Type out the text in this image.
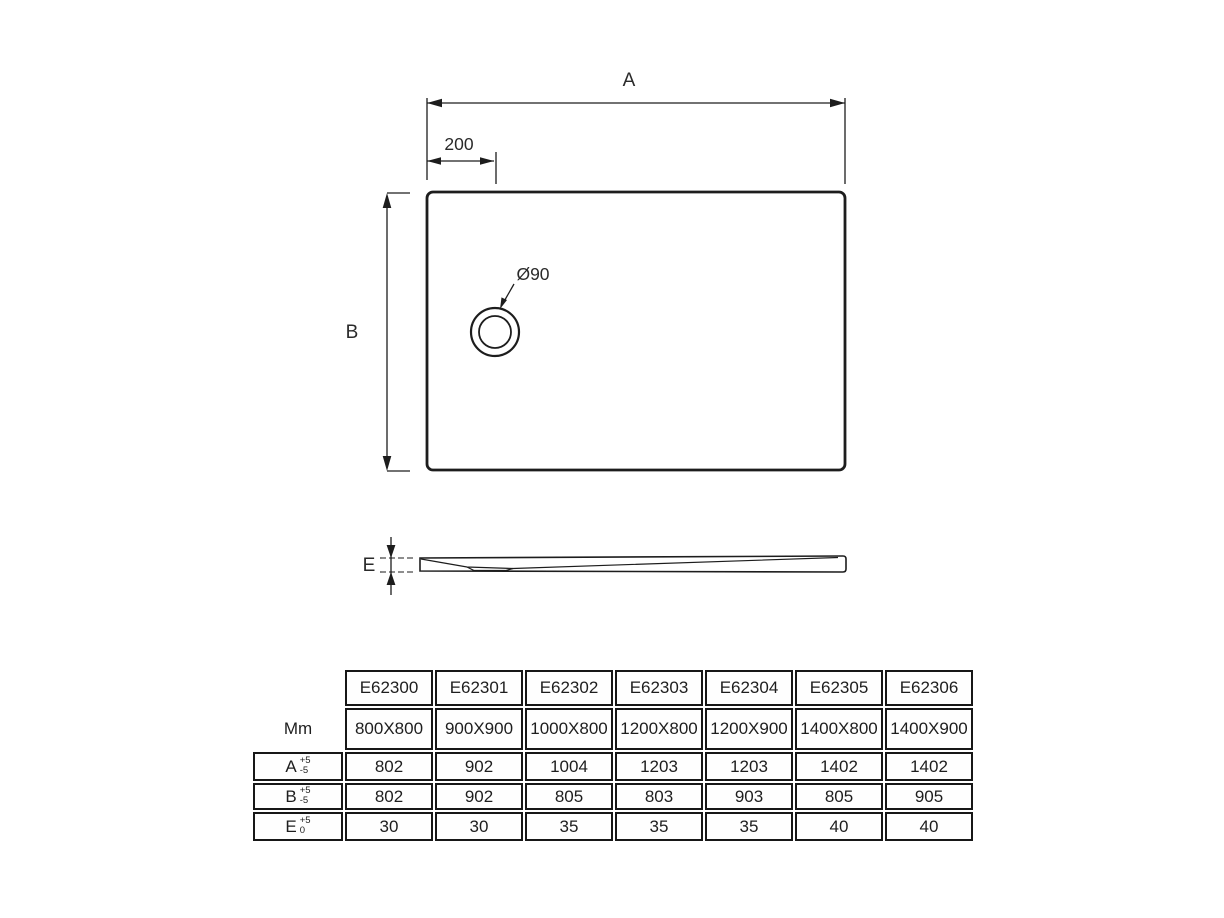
A
200
B
Ø90
E
E62300	E62301	E62302	E62303	E62304	E62305	E62306
Mm	800X800	900X900	1000X800 1200X800 1200X900 1400X800 1400X900
A +5
-5	802	902	1004	1203	1203	1402	1402
B +5
-5	802	902	805	803	903	805	905
E +5
0	30	30	35	35	35	40	40
